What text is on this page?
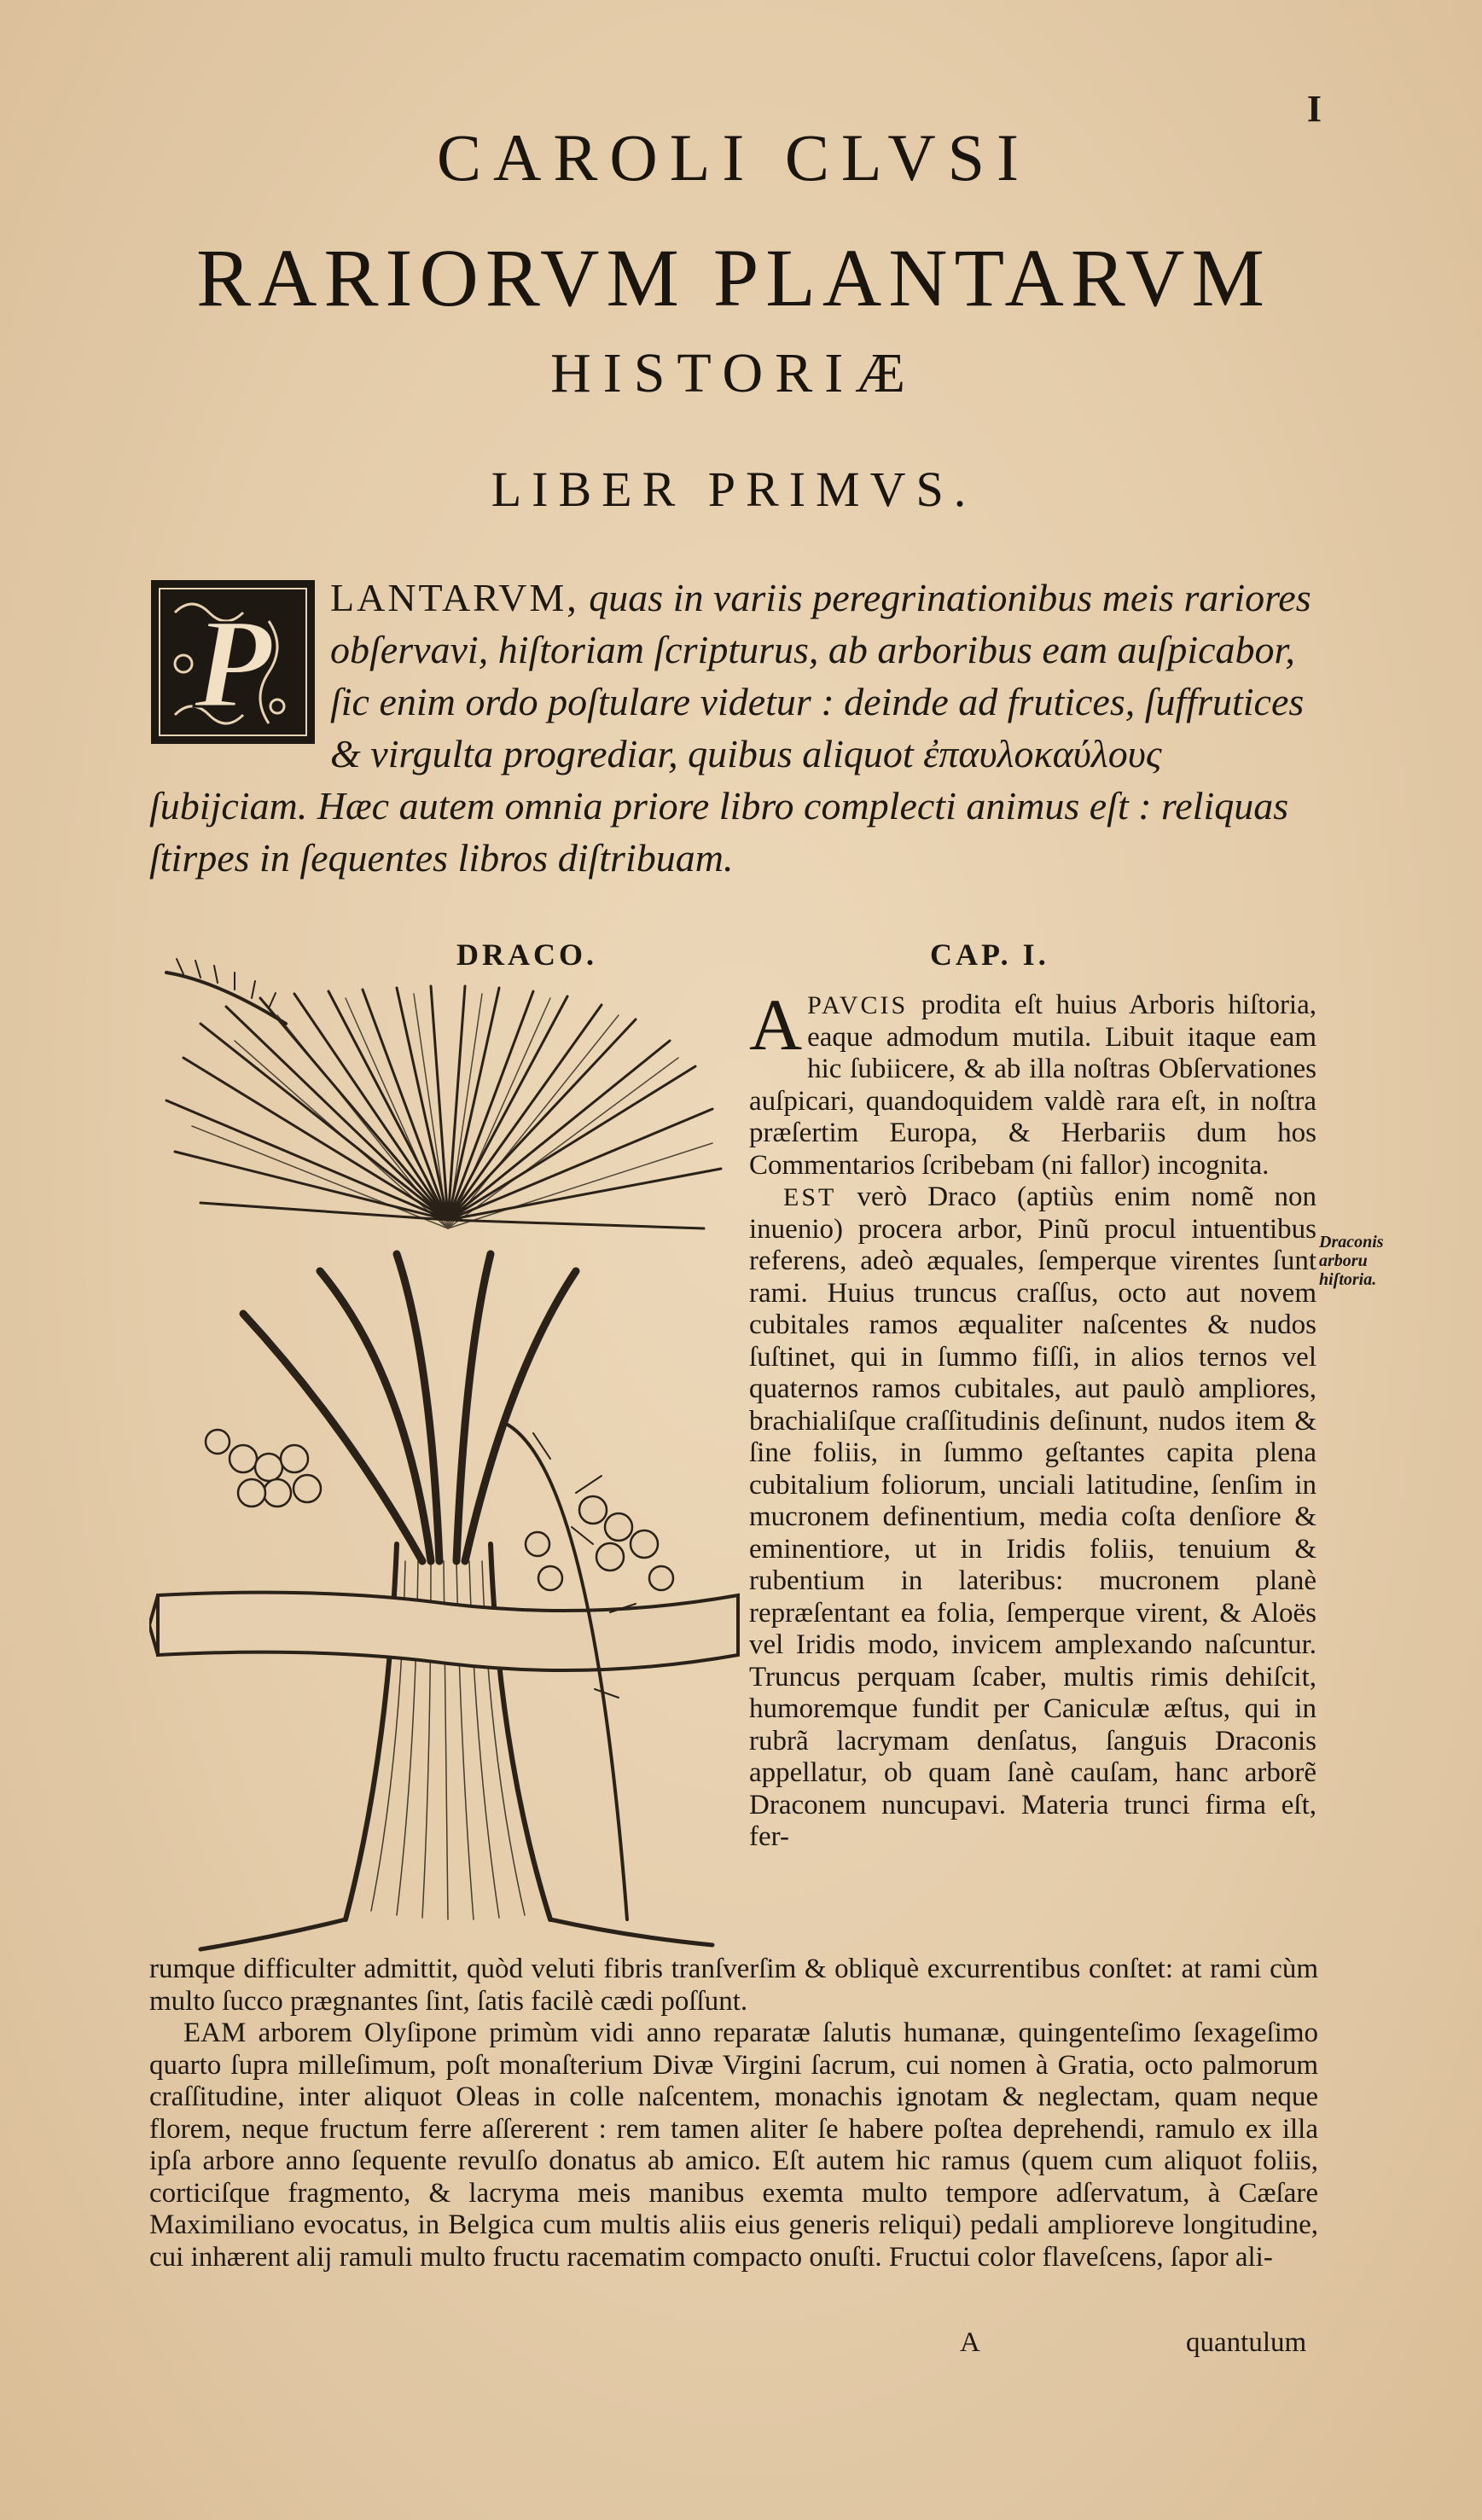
I
CAROLI CLVSI
RARIORVM PLANTARVM
HISTORIÆ
LIBER PRIMVS.
P LANTARVM, quas in variis peregrinationibus meis rariores obſervavi, hiſtoriam ſcripturus, ab arboribus eam auſpicabor, ſic enim ordo poſtulare videtur : deinde ad frutices, ſuffrutices & virgulta progrediar, quibus aliquot ἐπαυλοκαύλους ſubijciam. Hæc autem omnia priore libro complecti animus eſt : reliquas ſtirpes in ſequentes libros diſtribuam.
DRACO.	CAP. I.

A PAVCIS prodita eſt huius Arboris hiſtoria, eaque admodum mutila. Libuit itaque eam hic ſubiicere, & ab illa noſtras Obſervationes auſpicari, quandoquidem valdè rara eſt, in noſtra præſertim Europa, & Herbariis dum hos Commentarios ſcribebam (ni fallor) incognita.

EST verò Draco (aptiùs enim nomẽ non inuenio) procera arbor, Pinũ procul intuentibus referens, adeò æquales, ſemperque virentes ſunt rami. Huius truncus craſſus, octo aut novem cubitales ramos æqualiter naſcentes & nudos ſuſtinet, qui in ſummo fiſſi, in alios ternos vel quaternos ramos cubitales, aut paulò ampliores, brachialiſque craſſitudinis deſinunt, nudos item & ſine foliis, in ſummo geſtantes capita plena cubitalium foliorum, unciali latitudine, ſenſim in mucronem definentium, media coſta denſiore & eminentiore, ut in Iridis foliis, tenuium & rubentium in lateribus: mucronem planè repræſentant ea folia, ſemperque virent, & Aloës vel Iridis modo, invicem amplexando naſcuntur. Truncus perquam ſcaber, multis rimis dehiſcit, humoremque fundit per Caniculæ æſtus, qui in rubrã lacrymam denſatus, ſanguis Draconis appellatur, ob quam ſanè cauſam, hanc arborẽ Draconem nuncupavi. Materia trunci firma eſt, fer-

Draconis arboru hiſtoria.

rumque difficulter admittit, quòd veluti fibris tranſverſim & obliquè excurrentibus conſtet: at rami cùm multo ſucco prægnantes ſint, ſatis facilè cædi poſſunt.

EAM arborem Olyſipone primùm vidi anno reparatæ ſalutis humanæ, quingenteſimo ſexageſimo quarto ſupra milleſimum, poſt monaſterium Divæ Virgini ſacrum, cui nomen à Gratia, octo palmorum craſſitudine, inter aliquot Oleas in colle naſcentem, monachis ignotam & neglectam, quam neque florem, neque fructum ferre aſſererent : rem tamen aliter ſe habere poſtea deprehendi, ramulo ex illa ipſa arbore anno ſequente revulſo donatus ab amico. Eſt autem hic ramus (quem cum aliquot foliis, corticiſque fragmento, & lacryma meis manibus exemta multo tempore adſervatum, à Cæſare Maximiliano evocatus, in Belgica cum multis aliis eius generis reliqui) pedali amplioreve longitudine, cui inhærent alij ramuli multo fructu racematim compacto onuſti. Fructui color flaveſcens, ſapor ali-

A	quantulum
